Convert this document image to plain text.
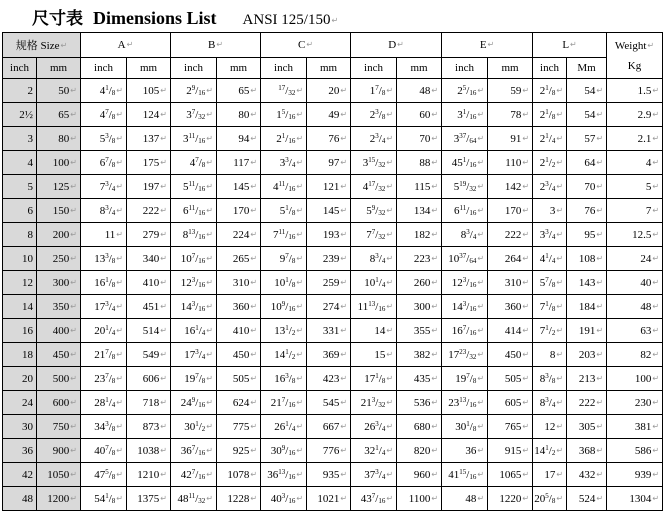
尺寸表 Dimensions List ANSI 125/150↵
规格 Size↵		A↵		B↵		C↵		D↵		E↵		L↵		Weight↵
Kg

inch	mm	inch	mm	inch	mm	inch	mm	inch	mm	inch	mm	inch	Mm	
2	50↵	$4^1/_8↵$	105↵	$2^9/_{16}↵$	65↵	$^{17}/_{32}↵$	20↵	$1^7/_8↵$	48↵	$2^5/_{16}↵$	59↵	$2^1/_8↵$	54↵	1.5↵
2½	65↵	$4^7/_8↵$	124↵	$3^7/_{32}↵$	80↵	$1^5/_{16}↵$	49↵	$2^3/_8↵$	60↵	$3^1/_{16}↵$	78↵	$2^1/_8↵$	54↵	2.9↵
3	80↵	$5^3/_8↵$	137↵	$3^{11}/_{16}↵$	94↵	$2^1/_{16}↵$	76↵	$2^3/_4↵$	70↵	$3^{37}/_{64}↵$	91↵	$2^1/_4↵$	57↵	2.1↵
4	100↵	$6^7/_8↵$	175↵	$4^7/_8↵$	117↵	$3^3/_4↵$	97↵	$3^{15}/_{32}↵$	88↵	$45^1/_{16}↵$	110↵	$2^1/_2↵$	64↵	4↵
5	125↵	$7^3/_4↵$	197↵	$5^{11}/_{16}↵$	145↵	$4^{11}/_{16}↵$	121↵	$4^{17}/_{32}↵$	115↵	$5^{19}/_{32}↵$	142↵	$2^3/_4↵$	70↵	5↵
6	150↵	$8^3/_4↵$	222↵	$6^{11}/_{16}↵$	170↵	$5^1/_8↵$	145↵	$5^9/_{32}↵$	134↵	$6^{11}/_{16}↵$	170↵	3↵	76↵	7↵
8	200↵	11↵	279↵	$8^{13}/_{16}↵$	224↵	$7^{11}/_{16}↵$	193↵	$7^7/_{32}↵$	182↵	$8^3/_4↵$	222↵	$3^3/_4↵$	95↵	12.5↵
10	250↵	$13^3/_8↵$	340↵	$10^7/_{16}↵$	265↵	$9^7/_8↵$	239↵	$8^3/_4↵$	223↵	$10^{37}/_{64}↵$	264↵	$4^1/_4↵$	108↵	24↵
12	300↵	$16^1/_8↵$	410↵	$12^3/_{16}↵$	310↵	$10^1/_8↵$	259↵	$10^1/_4↵$	260↵	$12^3/_{16}↵$	310↵	$5^7/_8↵$	143↵	40↵
14	350↵	$17^3/_4↵$	451↵	$14^3/_{16}↵$	360↵	$10^9/_{16}↵$	274↵	$11^{13}/_{16}↵$	300↵	$14^3/_{16}↵$	360↵	$7^1/_8↵$	184↵	48↵
16	400↵	$20^1/_4↵$	514↵	$16^1/_4↵$	410↵	$13^1/_2↵$	331↵	14↵	355↵	$16^7/_{16}↵$	414↵	$7^1/_2↵$	191↵	63↵
18	450↵	$21^7/_8↵$	549↵	$17^3/_4↵$	450↵	$14^1/_2↵$	369↵	15↵	382↵	$17^{23}/_{32}↵$	450↵	8↵	203↵	82↵
20	500↵	$23^7/_8↵$	606↵	$19^7/_8↵$	505↵	$16^3/_8↵$	423↵	$17^1/_8↵$	435↵	$19^7/_8↵$	505↵	$8^3/_8↵$	213↵	100↵
24	600↵	$28^1/_4↵$	718↵	$24^9/_{16}↵$	624↵	$21^7/_{16}↵$	545↵	$21^3/_{32}↵$	536↵	$23^{13}/_{16}↵$	605↵	$8^3/_4↵$	222↵	230↵
30	750↵	$34^3/_8↵$	873↵	$30^1/_2↵$	775↵	$26^1/_4↵$	667↵	$26^3/_4↵$	680↵	$30^1/_8↵$	765↵	12↵	305↵	381↵
36	900↵	$40^7/_8↵$	1038↵	$36^7/_{16}↵$	925↵	$30^9/_{16}↵$	776↵	$32^1/_4↵$	820↵	36↵	915↵	$14^1/_2↵$	368↵	586↵
42	1050↵	$47^5/_8↵$	1210↵	$42^7/_{16}↵$	1078↵	$36^{13}/_{16}↵$	935↵	$37^3/_4↵$	960↵	$41^{15}/_{16}↵$	1065↵	17↵	432↵	939↵
48	1200↵	$54^1/_8↵$	1375↵	$48^{11}/_{32}↵$	1228↵	$40^3/_{16}↵$	1021↵	$43^7/_{16}↵$	1100↵	48↵	1220↵	$20^5/_8↵$	524↵	1304↵
